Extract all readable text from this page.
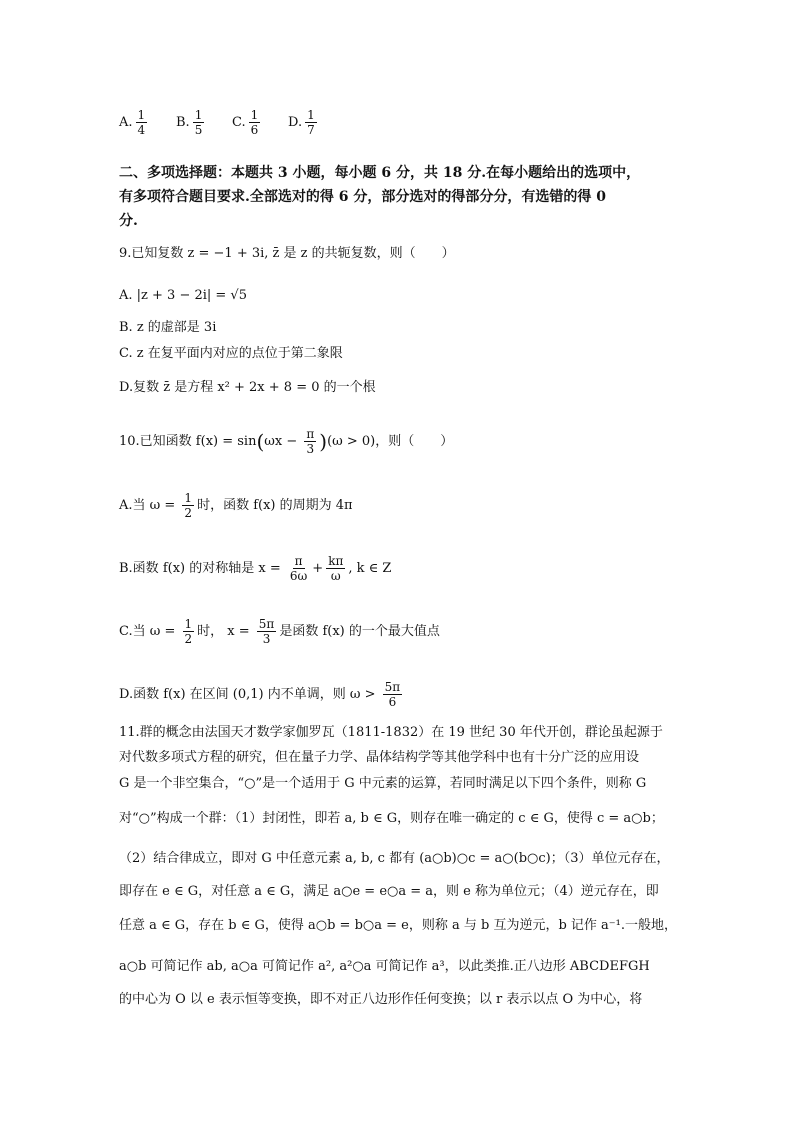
A. $\frac{1}{4} B$. $\frac{1}{5} C$. $\frac{1}{6} D$. $\frac{1}{7}$
二、多项选择题：本题共 3 小题，每小题 6 分，共 18 分.在每小题给出的选项中，
有多项符合题目要求.全部选对的得 6 分，部分选对的得部分分，有选错的得 0
分.
9.已知复数 z = −1 + 3i, z̄ 是 z 的共轭复数，则（　　）
A. |z + 3 − 2i| = √5
B. z 的虚部是 3i
C. z 在复平面内对应的点位于第二象限
D.复数 z̄ 是方程 x² + 2x + 8 = 0 的一个根
10.已知函数 $f(x) = \sin(\omega x - \frac{\pi}{3} )(\omega > 0)$，则（　　）
A.当 $\omega = \frac{1}{2}$ 时，函数 f(x) 的周期为 4π
B.函数 f(x) 的对称轴是 $x = \frac{\pi}{6\omega} + \frac{k\pi}{\omega}$ , k ∈ Z
C.当 $\omega = \frac{1}{2}$ 时， $x = \frac{5\pi}{3}$ 是函数 f(x) 的一个最大值点
D.函数 f(x) 在区间 (0,1) 内不单调，则 $\omega > \frac{5\pi}{6}$
11.群的概念由法国天才数学家伽罗瓦（1811-1832）在 19 世纪 30 年代开创，群论虽起源于
对代数多项式方程的研究，但在量子力学、晶体结构学等其他学科中也有十分广泛的应用设
G 是一个非空集合，“○”是一个适用于 G 中元素的运算，若同时满足以下四个条件，则称 G
对“○”构成一个群：（1）封闭性，即若 a, b ∈ G，则存在唯一确定的 c ∈ G，使得 c = a○b；
（2）结合律成立，即对 G 中任意元素 a, b, c 都有 (a○b)○c = a○(b○c)；（3）单位元存在，
即存在 e ∈ G，对任意 a ∈ G，满足 a○e = e○a = a，则 e 称为单位元；（4）逆元存在，即
任意 a ∈ G，存在 b ∈ G，使得 a○b = b○a = e，则称 a 与 b 互为逆元，b 记作 a⁻¹.一般地，
a○b 可简记作 ab, a○a 可简记作 a², a²○a 可简记作 a³，以此类推.正八边形 ABCDEFGH
的中心为 O 以 e 表示恒等变换，即不对正八边形作任何变换；以 r 表示以点 O 为中心，将
